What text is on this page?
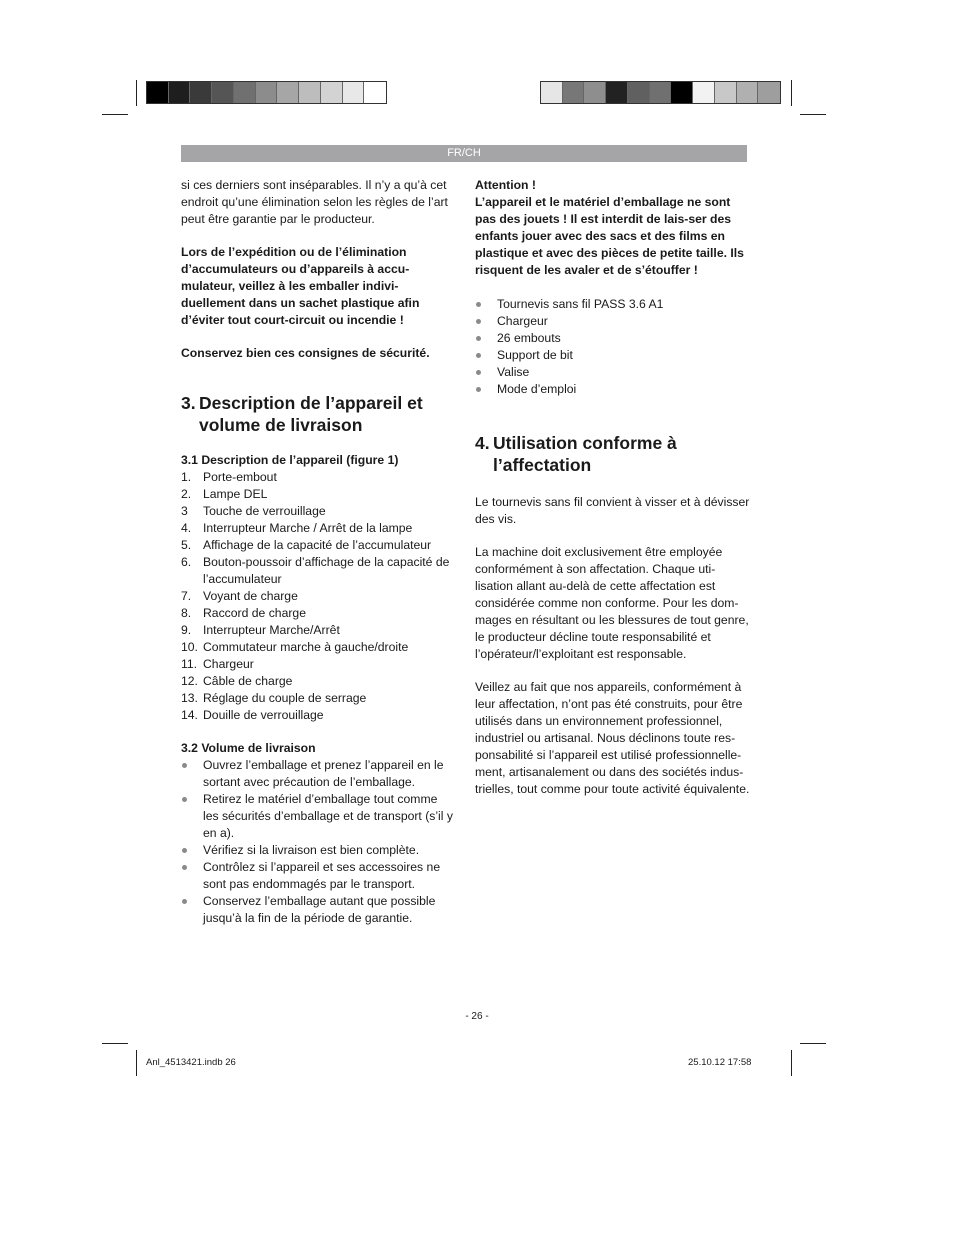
FR/CH

si ces derniers sont inséparables. Il n’y a qu’à cet endroit qu’une élimination selon les règles de l’art peut être garantie par le producteur.

Lors de l’expédition ou de l’élimination d’accumulateurs ou d’appareils à accu-mulateur, veillez à les emballer indivi-duellement dans un sachet plastique afin d’éviter tout court-circuit ou incendie !

Conservez bien ces consignes de sécurité.

3. Description de l’appareil et volume de livraison

3.1 Description de l’appareil (figure 1)

1. Porte-embout
2. Lampe DEL
3	Touche de verrouillage
4. Interrupteur Marche / Arrêt de la lampe
5. Affichage de la capacité de l’accumulateur
6. Bouton-poussoir d’affichage de la capacité de l’accumulateur
7. Voyant de charge
8. Raccord de charge
9. Interrupteur Marche/Arrêt
10. Commutateur marche à gauche/droite
11. Chargeur
12. Câble de charge
13. Réglage du couple de serrage
14. Douille de verrouillage

3.2 Volume de livraison

Ouvrez l’emballage et prenez l’appareil en le sortant avec précaution de l’emballage.
Retirez le matériel d’emballage tout comme les sécurités d’emballage et de transport (s’il y en a).
Vérifiez si la livraison est bien complète.
Contrôlez si l’appareil et ses accessoires ne sont pas endommagés par le transport.
Conservez l’emballage autant que possible jusqu’à la fin de la période de garantie.

Attention !

L’appareil et le matériel d’emballage ne sont pas des jouets ! Il est interdit de lais-ser des enfants jouer avec des sacs et des films en plastique et avec des pièces de petite taille. Ils risquent de les avaler et de s’étouffer !

Tournevis sans fil PASS 3.6 A1
Chargeur
26 embouts
Support de bit
Valise
Mode d’emploi
4. Utilisation conforme à l’affectation

Le tournevis sans fil convient à visser et à dévisser des vis.

La machine doit exclusivement être employée conformément à son affectation. Chaque uti-lisation allant au-delà de cette affectation est considérée comme non conforme. Pour les dom-mages en résultant ou les blessures de tout genre, le producteur décline toute responsabilité et l’opérateur/l’exploitant est responsable.

Veillez au fait que nos appareils, conformément à leur affectation, n’ont pas été construits, pour être utilisés dans un environnement professionnel, industriel ou artisanal. Nous déclinons toute res-ponsabilité si l’appareil est utilisé professionnelle-ment, artisanalement ou dans des sociétés indus-trielles, tout comme pour toute activité équivalente.

- 26 -
Anl_4513421.indb 26	25.10.12 17:58
